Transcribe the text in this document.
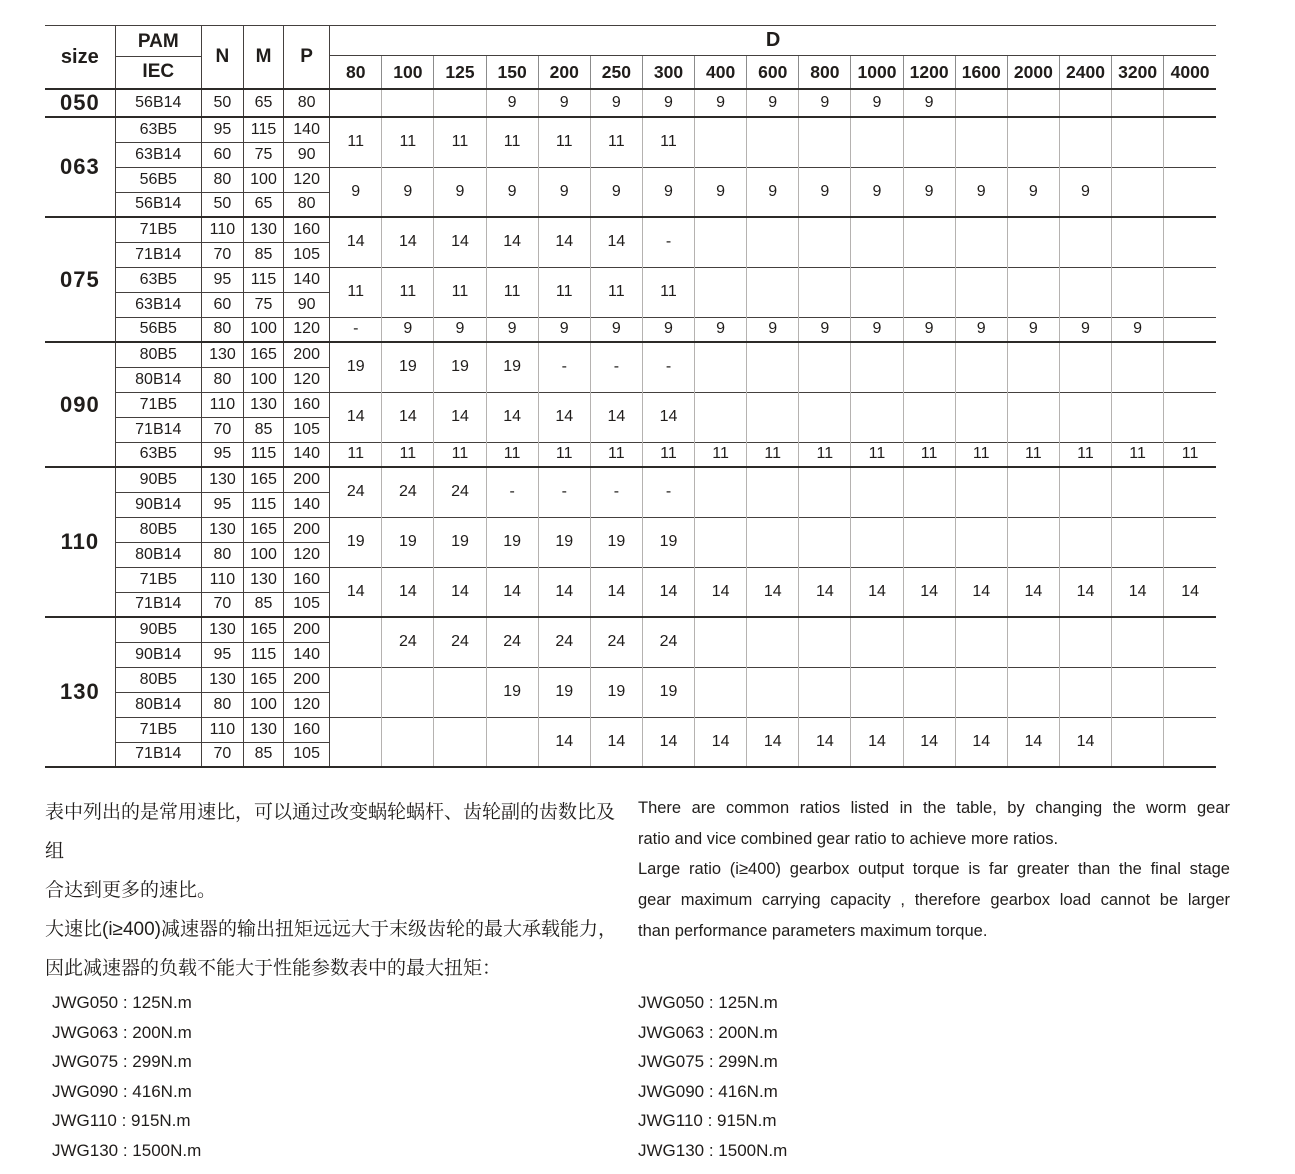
size	PAM
IEC	N	M	P	D																
					80	100	125	150	200	250	300	400	600	800	1000	1200	1600	2000	2400	3200	4000
050	56B14	50	65	80				9	9	9	9	9	9	9	9	9					
063	63B5	95	115	140	11	11	11	11	11	11	11										
	63B14	60	75	90																	
	56B5	80	100	120	9	9	9	9	9	9	9	9	9	9	9	9	9	9	9		
	56B14	50	65	80																	
075	71B5	110	130	160	14	14	14	14	14	14	-										
	71B14	70	85	105																	
	63B5	95	115	140	11	11	11	11	11	11	11										
	63B14	60	75	90																	
	56B5	80	100	120	-	9	9	9	9	9	9	9	9	9	9	9	9	9	9	9	
090	80B5	130	165	200	19	19	19	19	-	-	-										
	80B14	80	100	120																	
	71B5	110	130	160	14	14	14	14	14	14	14										
	71B14	70	85	105																	
	63B5	95	115	140	11	11	11	11	11	11	11	11	11	11	11	11	11	11	11	11	11
110	90B5	130	165	200	24	24	24	-	-	-	-										
	90B14	95	115	140																	
	80B5	130	165	200	19	19	19	19	19	19	19										
	80B14	80	100	120																	
	71B5	110	130	160	14	14	14	14	14	14	14	14	14	14	14	14	14	14	14	14	14
	71B14	70	85	105																	
130	90B5	130	165	200		24	24	24	24	24	24										
	90B14	95	115	140																	
	80B5	130	165	200				19	19	19	19										
	80B14	80	100	120																	
	71B5	110	130	160					14	14	14	14	14	14	14	14	14	14	14		
	71B14	70	85	105																	
表中列出的是常用速比，可以通过改变蜗轮蜗杆、齿轮副的齿数比及组
合达到更多的速比。
大速比(i≥400)减速器的输出扭矩远远大于末级齿轮的最大承载能力，
因此减速器的负载不能大于性能参数表中的最大扭矩：
There are common ratios listed in the table, by changing the worm gear
ratio and vice combined gear ratio to achieve more ratios.
Large ratio (i≥400) gearbox output torque is far greater than the final stage
gear maximum carrying capacity , therefore gearbox load cannot be larger
than performance parameters maximum torque.
JWG050 : 125N.m
JWG063 : 200N.m
JWG075 : 299N.m
JWG090 : 416N.m
JWG110 : 915N.m
JWG130 : 1500N.m
JWG050 : 125N.m
JWG063 : 200N.m
JWG075 : 299N.m
JWG090 : 416N.m
JWG110 : 915N.m
JWG130 : 1500N.m
